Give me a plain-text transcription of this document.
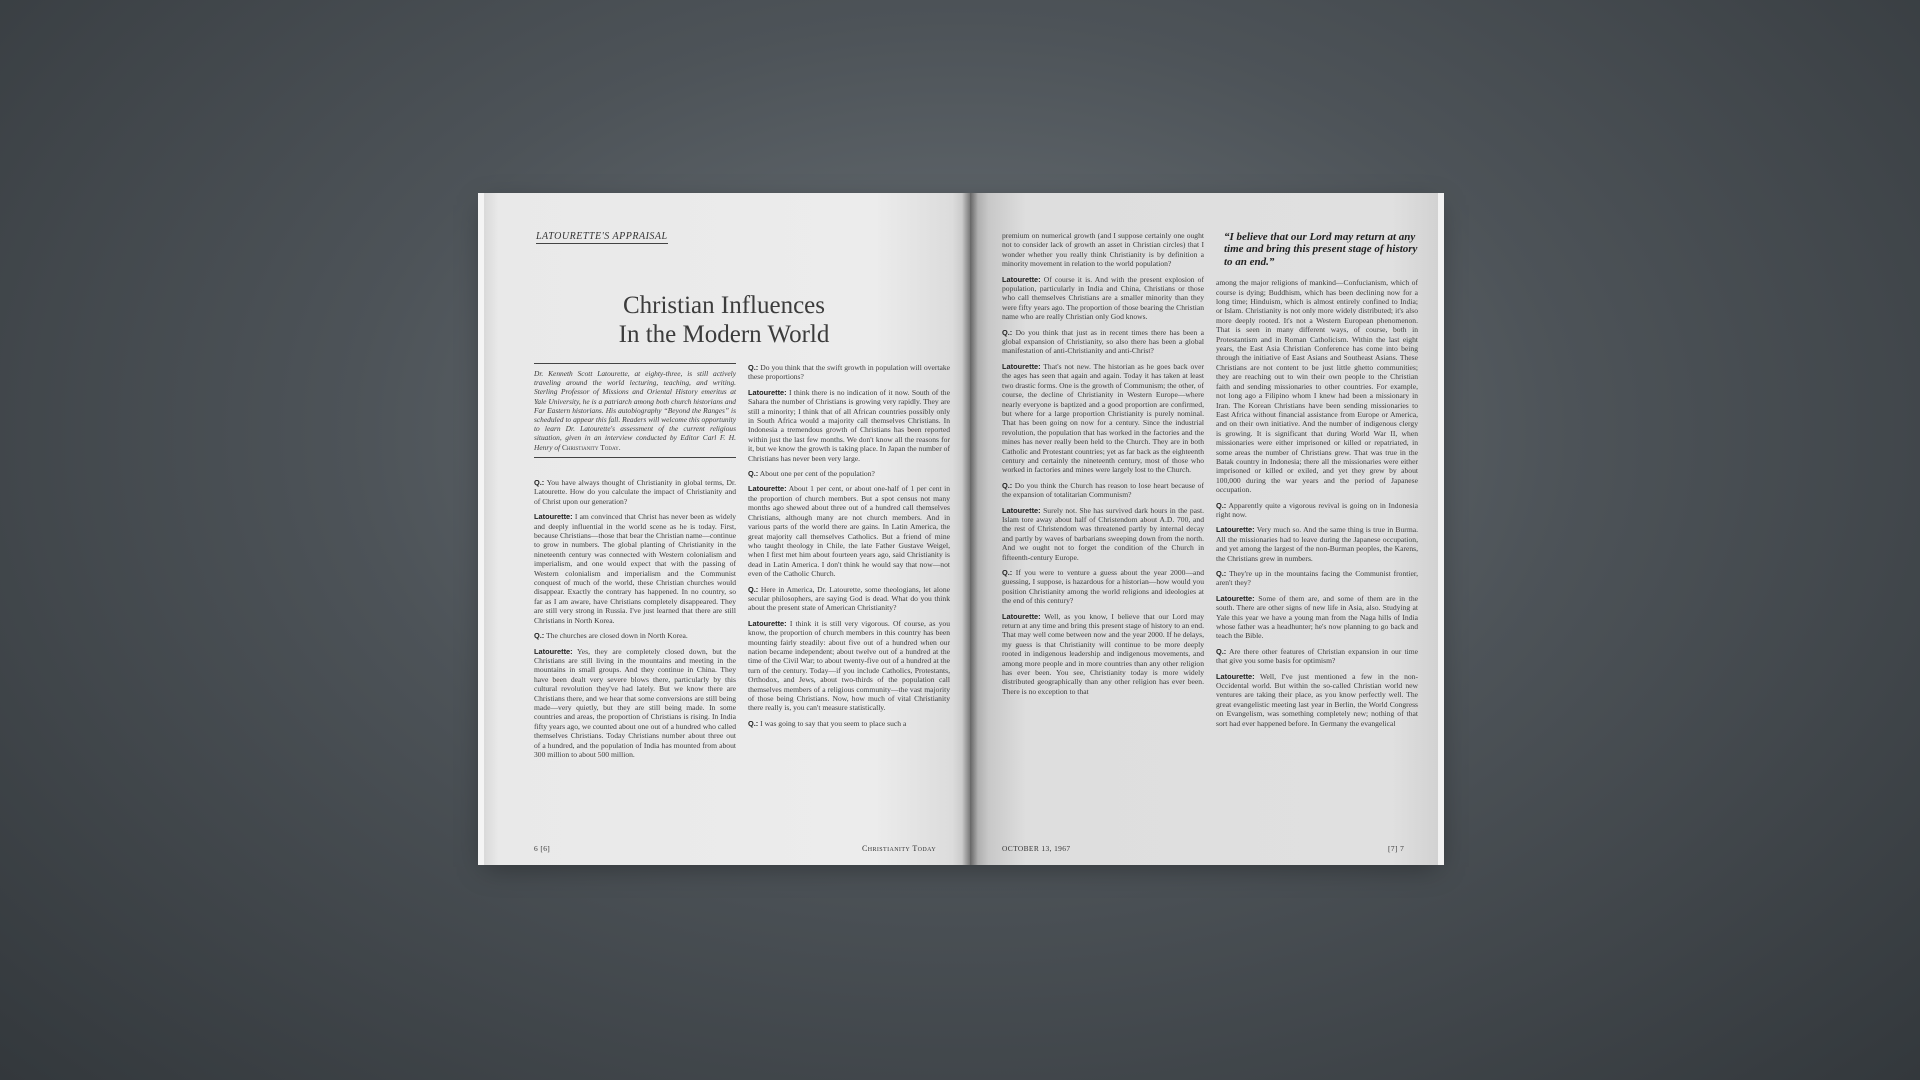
LATOURETTE'S APPRAISAL
Christian Influences
In the Modern World
Dr. Kenneth Scott Latourette, at eighty-three, is still actively traveling around the world lecturing, teaching, and writing. Sterling Professor of Missions and Oriental History emeritus at Yale University, he is a patriarch among both church historians and Far Eastern historians. His autobiography “Beyond the Ranges” is scheduled to appear this fall. Readers will welcome this opportunity to learn Dr. Latourette's assessment of the current religious situation, given in an interview conducted by Editor Carl F. H. Henry of Christianity Today.

Q.: You have always thought of Christianity in global terms, Dr. Latourette. How do you calculate the impact of Christianity and of Christ upon our generation?

Latourette: I am convinced that Christ has never been as widely and deeply influential in the world scene as he is today. First, because Christians—those that bear the Christian name—continue to grow in numbers. The global planting of Christianity in the nineteenth century was connected with Western colonialism and imperialism, and one would expect that with the passing of Western colonialism and imperialism and the Communist conquest of much of the world, these Christian churches would disappear. Exactly the contrary has happened. In no country, so far as I am aware, have Christians completely disappeared. They are still very strong in Russia. I've just learned that there are still Christians in North Korea.

Q.: The churches are closed down in North Korea.

Latourette: Yes, they are completely closed down, but the Christians are still living in the mountains and meeting in the mountains in small groups. And they continue in China. They have been dealt very severe blows there, particularly by this cultural revolution they've had lately. But we know there are Christians there, and we hear that some conversions are still being made—very quietly, but they are still being made. In some countries and areas, the proportion of Christians is rising. In India fifty years ago, we counted about one out of a hundred who called themselves Christians. Today Christians number about three out of a hundred, and the population of India has mounted from about 300 million to about 500 million.

Q.: Do you think that the swift growth in population will overtake these proportions?

Latourette: I think there is no indication of it now. South of the Sahara the number of Christians is growing very rapidly. They are still a minority; I think that of all African countries possibly only in South Africa would a majority call themselves Christians. In Indonesia a tremendous growth of Christians has been reported within just the last few months. We don't know all the reasons for it, but we know the growth is taking place. In Japan the number of Christians has never been very large.

Q.: About one per cent of the population?

Latourette: About 1 per cent, or about one-half of 1 per cent in the proportion of church members. But a spot census not many months ago shewed about three out of a hundred call themselves Christians, although many are not church members. And in various parts of the world there are gains. In Latin America, the great majority call themselves Catholics. But a friend of mine who taught theology in Chile, the late Father Gustave Weigel, when I first met him about fourteen years ago, said Christianity is dead in Latin America. I don't think he would say that now—not even of the Catholic Church.

Q.: Here in America, Dr. Latourette, some theologians, let alone secular philosophers, are saying God is dead. What do you think about the present state of American Christianity?

Latourette: I think it is still very vigorous. Of course, as you know, the proportion of church members in this country has been mounting fairly steadily: about five out of a hundred when our nation became independent; about twelve out of a hundred at the time of the Civil War; to about twenty-five out of a hundred at the turn of the century. Today—if you include Catholics, Protestants, Orthodox, and Jews, about two-thirds of the population call themselves members of a religious community—the vast majority of those being Christians. Now, how much of vital Christianity there really is, you can't measure statistically.

Q.: I was going to say that you seem to place such a

6 [6]	Christianity Today

premium on numerical growth (and I suppose certainly one ought not to consider lack of growth an asset in Christian circles) that I wonder whether you really think Christianity is by definition a minority movement in relation to the world population?

Latourette: Of course it is. And with the present explosion of population, particularly in India and China, Christians or those who call themselves Christians are a smaller minority than they were fifty years ago. The proportion of those bearing the Christian name who are really Christian only God knows.

Q.: Do you think that just as in recent times there has been a global expansion of Christianity, so also there has been a global manifestation of anti-Christianity and anti-Christ?

Latourette: That's not new. The historian as he goes back over the ages has seen that again and again. Today it has taken at least two drastic forms. One is the growth of Communism; the other, of course, the decline of Christianity in Western Europe—where nearly everyone is baptized and a good proportion are confirmed, but where for a large proportion Christianity is purely nominal. That has been going on now for a century. Since the industrial revolution, the population that has worked in the factories and the mines has never really been held to the Church. They are in both Catholic and Protestant countries; yet as far back as the eighteenth century and certainly the nineteenth century, most of those who worked in factories and mines were largely lost to the Church.

Q.: Do you think the Church has reason to lose heart because of the expansion of totalitarian Communism?

Latourette: Surely not. She has survived dark hours in the past. Islam tore away about half of Christendom about A.D. 700, and the rest of Christendom was threatened partly by internal decay and partly by waves of barbarians sweeping down from the north. And we ought not to forget the condition of the Church in fifteenth-century Europe.

Q.: If you were to venture a guess about the year 2000—and guessing, I suppose, is hazardous for a historian—how would you position Christianity among the world religions and ideologies at the end of this century?

Latourette: Well, as you know, I believe that our Lord may return at any time and bring this present stage of history to an end. That may well come between now and the year 2000. If he delays, my guess is that Christianity will continue to be more deeply rooted in indigenous leadership and indigenous movements, and among more people and in more countries than any other religion has ever been. You see, Christianity today is more widely distributed geographically than any other religion has ever been. There is no exception to that

“I believe that our Lord may return at any time and bring this present stage of history to an end.”

among the major religions of mankind—Confucianism, which of course is dying; Buddhism, which has been declining now for a long time; Hinduism, which is almost entirely confined to India; or Islam. Christianity is not only more widely distributed; it's also more deeply rooted. It's not a Western European phenomenon. That is seen in many different ways, of course, both in Protestantism and in Roman Catholicism. Within the last eight years, the East Asia Christian Conference has come into being through the initiative of East Asians and Southeast Asians. These Christians are not content to be just little ghetto communities; they are reaching out to win their own people to the Christian faith and sending missionaries to other countries. For example, not long ago a Filipino whom I knew had been a missionary in Iran. The Korean Christians have been sending missionaries to East Africa without financial assistance from Europe or America, and on their own initiative. And the number of indigenous clergy is growing. It is significant that during World War II, when missionaries were either imprisoned or killed or repatriated, in some areas the number of Christians grew. That was true in the Batak country in Indonesia; there all the missionaries were either imprisoned or killed or exiled, and yet they grew by about 100,000 during the war years and the period of Japanese occupation.

Q.: Apparently quite a vigorous revival is going on in Indonesia right now.

Latourette: Very much so. And the same thing is true in Burma. All the missionaries had to leave during the Japanese occupation, and yet among the largest of the non-Burman peoples, the Karens, the Christians grew in numbers.

Q.: They're up in the mountains facing the Communist frontier, aren't they?

Latourette: Some of them are, and some of them are in the south. There are other signs of new life in Asia, also. Studying at Yale this year we have a young man from the Naga hills of India whose father was a headhunter; he's now planning to go back and teach the Bible.

Q.: Are there other features of Christian expansion in our time that give you some basis for optimism?

Latourette: Well, I've just mentioned a few in the non-Occidental world. But within the so-called Christian world new ventures are taking their place, as you know perfectly well. The great evangelistic meeting last year in Berlin, the World Congress on Evangelism, was something completely new; nothing of that sort had ever happened before. In Germany the evangelical

OCTOBER 13, 1967	[7] 7
